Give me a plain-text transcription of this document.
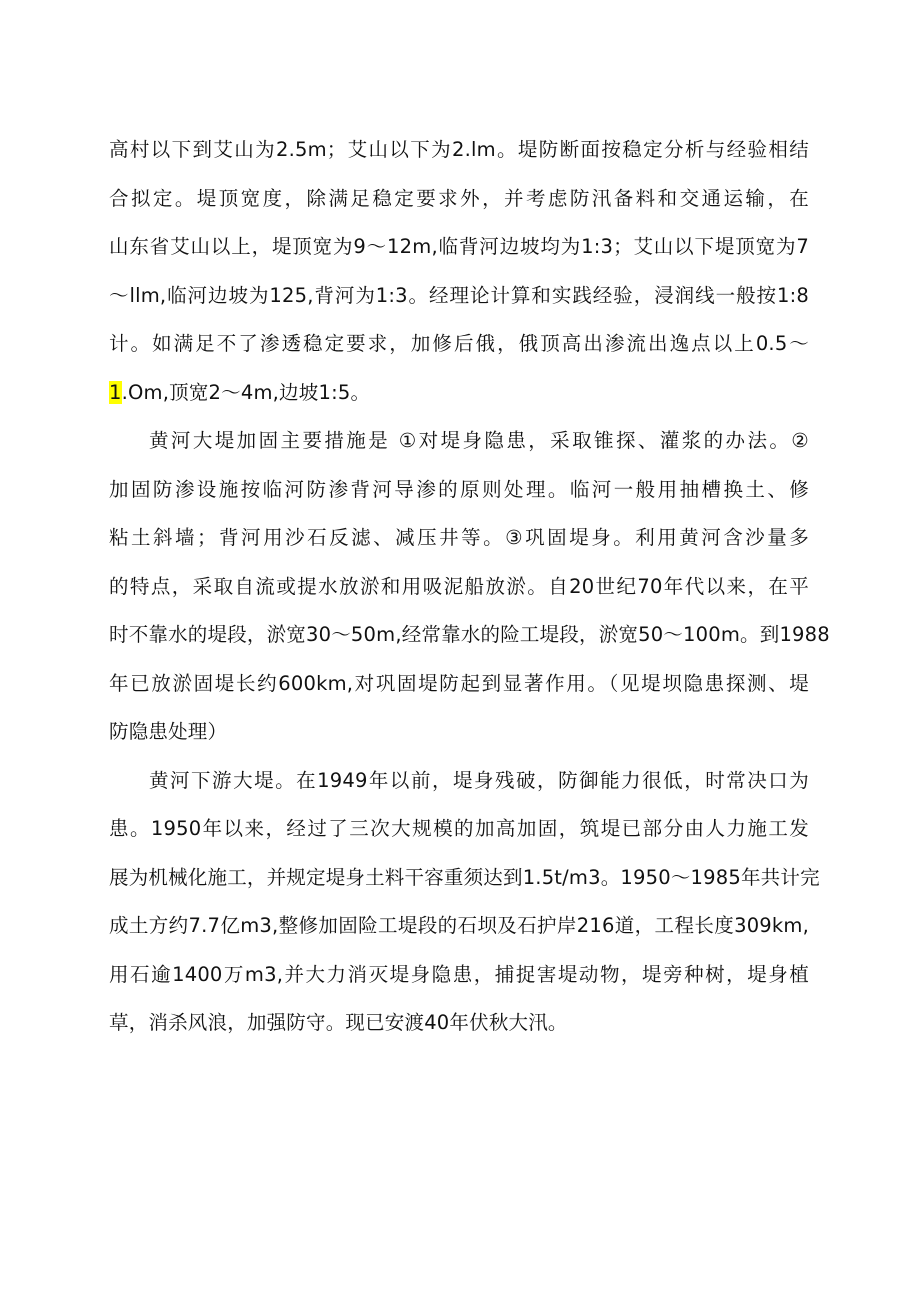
高村以下到艾山为2.5m；艾山以下为2.lm。堤防断面按稳定分析与经验相结
合拟定。堤顶宽度，除满足稳定要求外，并考虑防汛备料和交通运输，在
山东省艾山以上，堤顶宽为9～12m,临背河边坡均为1:3；艾山以下堤顶宽为7
～llm,临河边坡为125,背河为1:3。经理论计算和实践经验，浸润线一般按1:8
计。如满足不了渗透稳定要求，加修后俄，俄顶高出渗流出逸点以上0.5～
1.Om,顶宽2～4m,边坡1:5。
黄河大堤加固主要措施是 ①对堤身隐患，采取锥探、灌浆的办法。②
加固防渗设施按临河防渗背河导渗的原则处理。临河一般用抽槽换土、修
粘土斜墙；背河用沙石反滤、减压井等。③巩固堤身。利用黄河含沙量多
的特点，采取自流或提水放淤和用吸泥船放淤。自20世纪70年代以来，在平
时不靠水的堤段，淤宽30～50m,经常靠水的险工堤段，淤宽50～100m。到1988
年已放淤固堤长约600km,对巩固堤防起到显著作用。（见堤坝隐患探测、堤
防隐患处理）
黄河下游大堤。在1949年以前，堤身残破，防御能力很低，时常决口为
患。1950年以来，经过了三次大规模的加高加固，筑堤已部分由人力施工发
展为机械化施工，并规定堤身土料干容重须达到1.5t/m3。1950～1985年共计完
成土方约7.7亿m3,整修加固险工堤段的石坝及石护岸216道，工程长度309km,
用石逾1400万m3,并大力消灭堤身隐患，捕捉害堤动物，堤旁种树，堤身植
草，消杀风浪，加强防守。现已安渡40年伏秋大汛。
